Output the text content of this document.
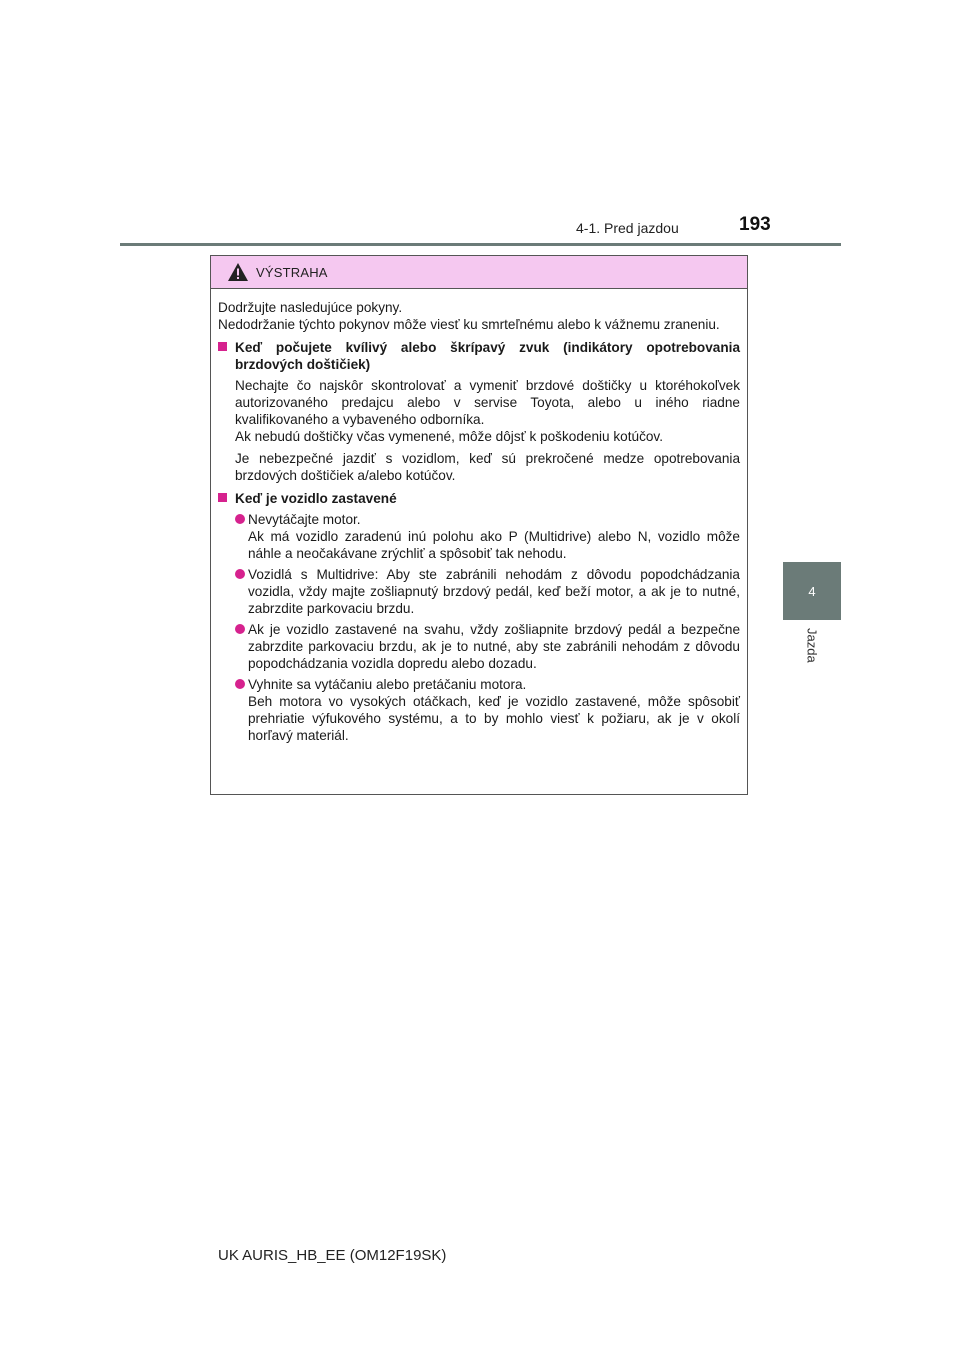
4-1. Pred jazdou	193
4
Jazda
VÝSTRAHA
Dodržujte nasledujúce pokyny.
Nedodržanie týchto pokynov môže viesť ku smrteľnému alebo k vážnemu zraneniu.
Keď počujete kvílivý alebo škrípavý zvuk (indikátory opotrebovania brzdových doštičiek)
Nechajte čo najskôr skontrolovať a vymeniť brzdové doštičky u ktoréhokoľvek autorizovaného predajcu alebo v servise Toyota, alebo u iného riadne kvalifikovaného a vybaveného odborníka.
Ak nebudú doštičky včas vymenené, môže dôjsť k poškodeniu kotúčov.
Je nebezpečné jazdiť s vozidlom, keď sú prekročené medze opotrebovania brzdových doštičiek a/alebo kotúčov.
Keď je vozidlo zastavené
Nevytáčajte motor.
Ak má vozidlo zaradenú inú polohu ako P (Multidrive) alebo N, vozidlo môže náhle a neočakávane zrýchliť a spôsobiť tak nehodu.
Vozidlá s Multidrive: Aby ste zabránili nehodám z dôvodu popodchádzania vozidla, vždy majte zošliapnutý brzdový pedál, keď beží motor, a ak je to nutné, zabrzdite parkovaciu brzdu.
Ak je vozidlo zastavené na svahu, vždy zošliapnite brzdový pedál a bezpečne zabrzdite parkovaciu brzdu, ak je to nutné, aby ste zabránili nehodám z dôvodu popodchádzania vozidla dopredu alebo dozadu.
Vyhnite sa vytáčaniu alebo pretáčaniu motora.
Beh motora vo vysokých otáčkach, keď je vozidlo zastavené, môže spôsobiť prehriatie výfukového systému, a to by mohlo viesť k požiaru, ak je v okolí horľavý materiál.
UK AURIS_HB_EE (OM12F19SK)
